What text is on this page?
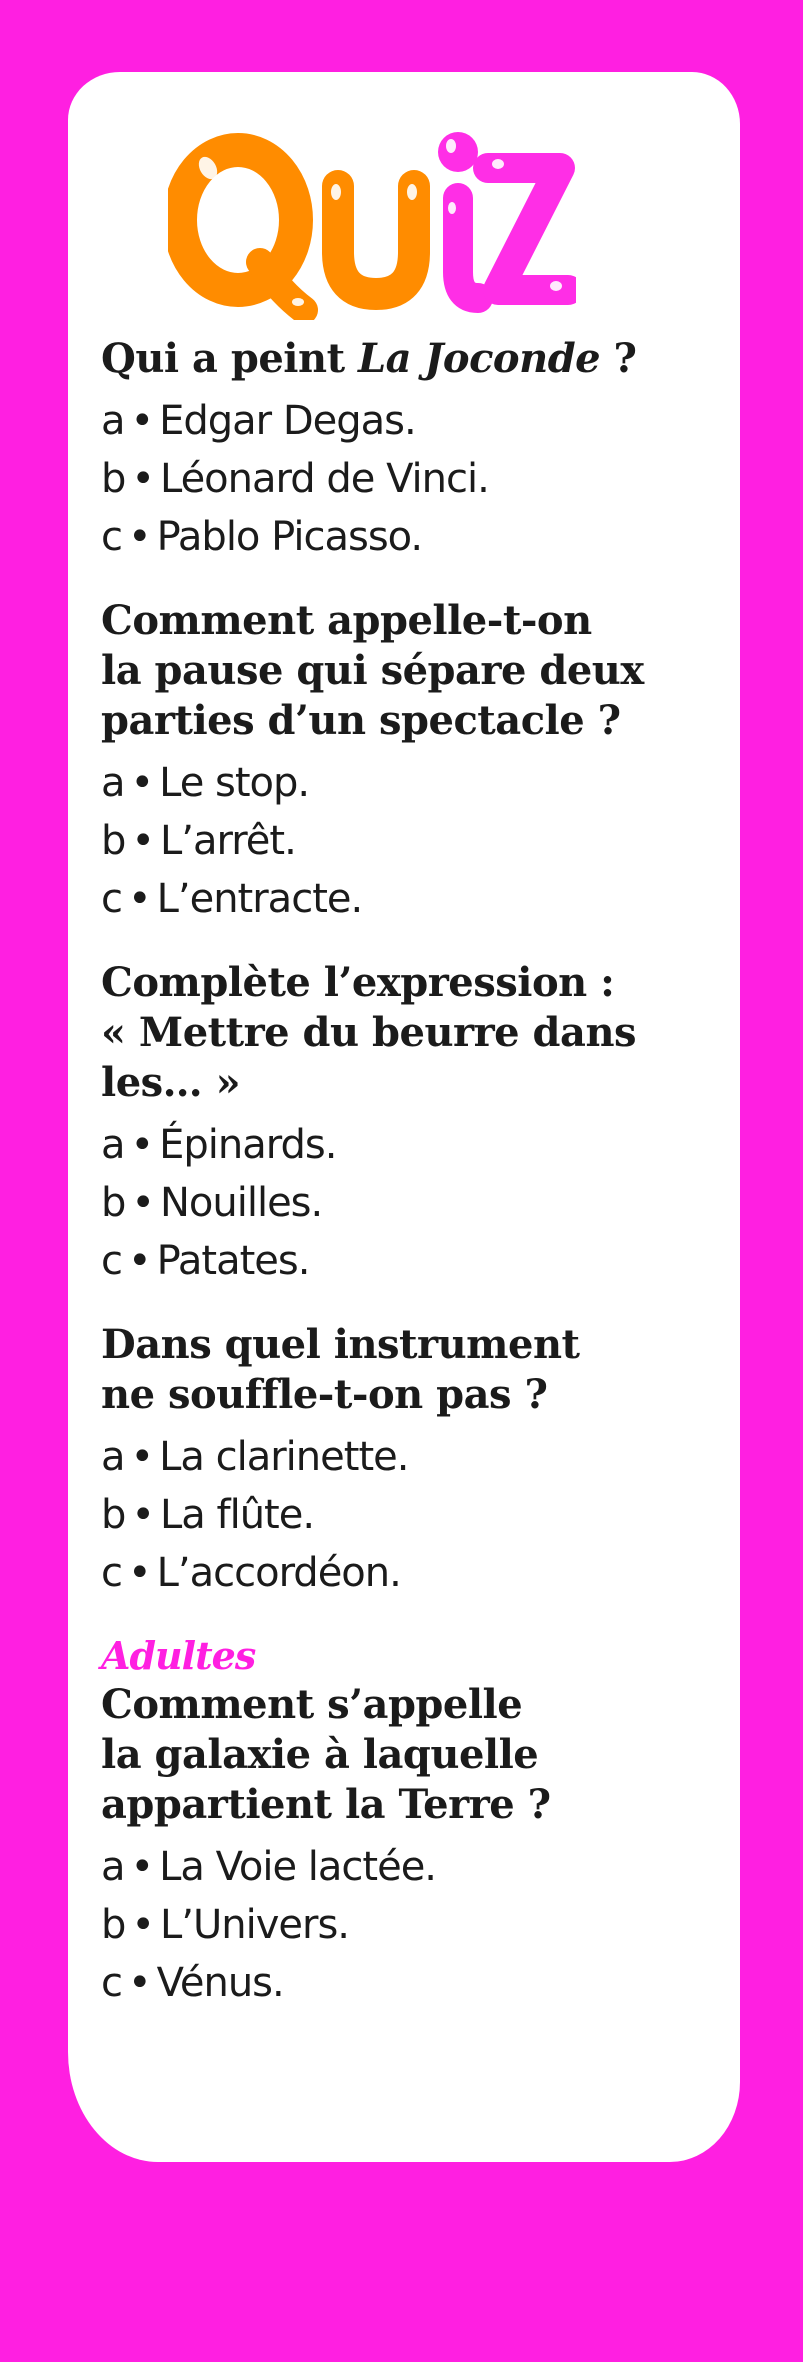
Qui a peint La Joconde ?
a • Edgar Degas.
b • Léonard de Vinci.
c • Pablo Picasso.
Comment appelle-t-on
la pause qui sépare deux
parties d’un spectacle ?
a • Le stop.
b • L’arrêt.
c • L’entracte.
Complète l’expression :
« Mettre du beurre dans
les… »
a • Épinards.
b • Nouilles.
c • Patates.
Dans quel instrument
ne souffle-t-on pas ?
a • La clarinette.
b • La flûte.
c • L’accordéon.
Adultes
Comment s’appelle
la galaxie à laquelle
appartient la Terre ?
a • La Voie lactée.
b • L’Univers.
c • Vénus.
